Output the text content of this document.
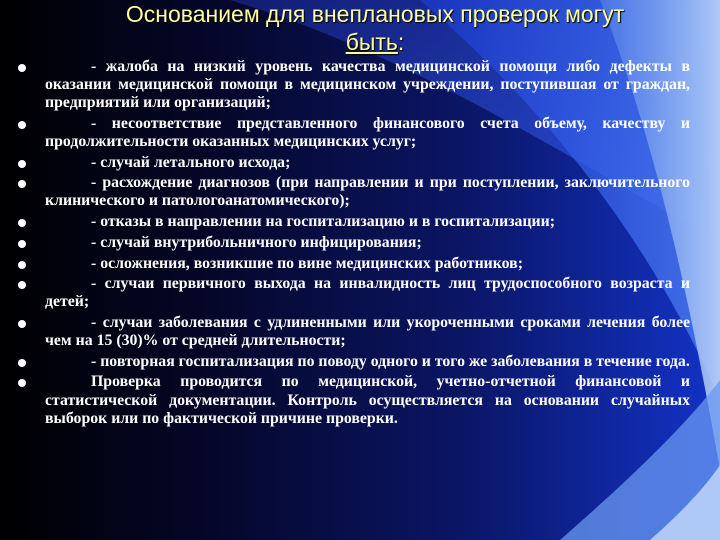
Основанием для внеплановых проверок могут
быть:
- жалоба на низкий уровень качества медицинской помощи либо дефекты в оказании медицинской помощи в медицинском учреждении, поступившая от граждан, предприятий или организаций;
- несоответствие представленного финансового счета объему, качеству и продолжительности оказанных медицинских услуг;
- случай летального исхода;
- расхождение диагнозов (при направлении и при поступлении, заключительного клинического и патологоанатомического);
- отказы в направлении на госпитализацию и в госпитализации;
- случай внутрибольничного инфицирования;
- осложнения, возникшие по вине медицинских работников;
- случаи первичного выхода на инвалидность лиц трудоспособного возраста и детей;
- случаи заболевания с удлиненными или укороченными сроками лечения более чем на 15 (30)% от средней длительности;
- повторная госпитализация по поводу одного и того же заболевания в течение года.
Проверка проводится по медицинской, учетно-отчетной финансовой и статистической документации. Контроль осуществляется на основании случайных выборок или по фактической причине проверки.
